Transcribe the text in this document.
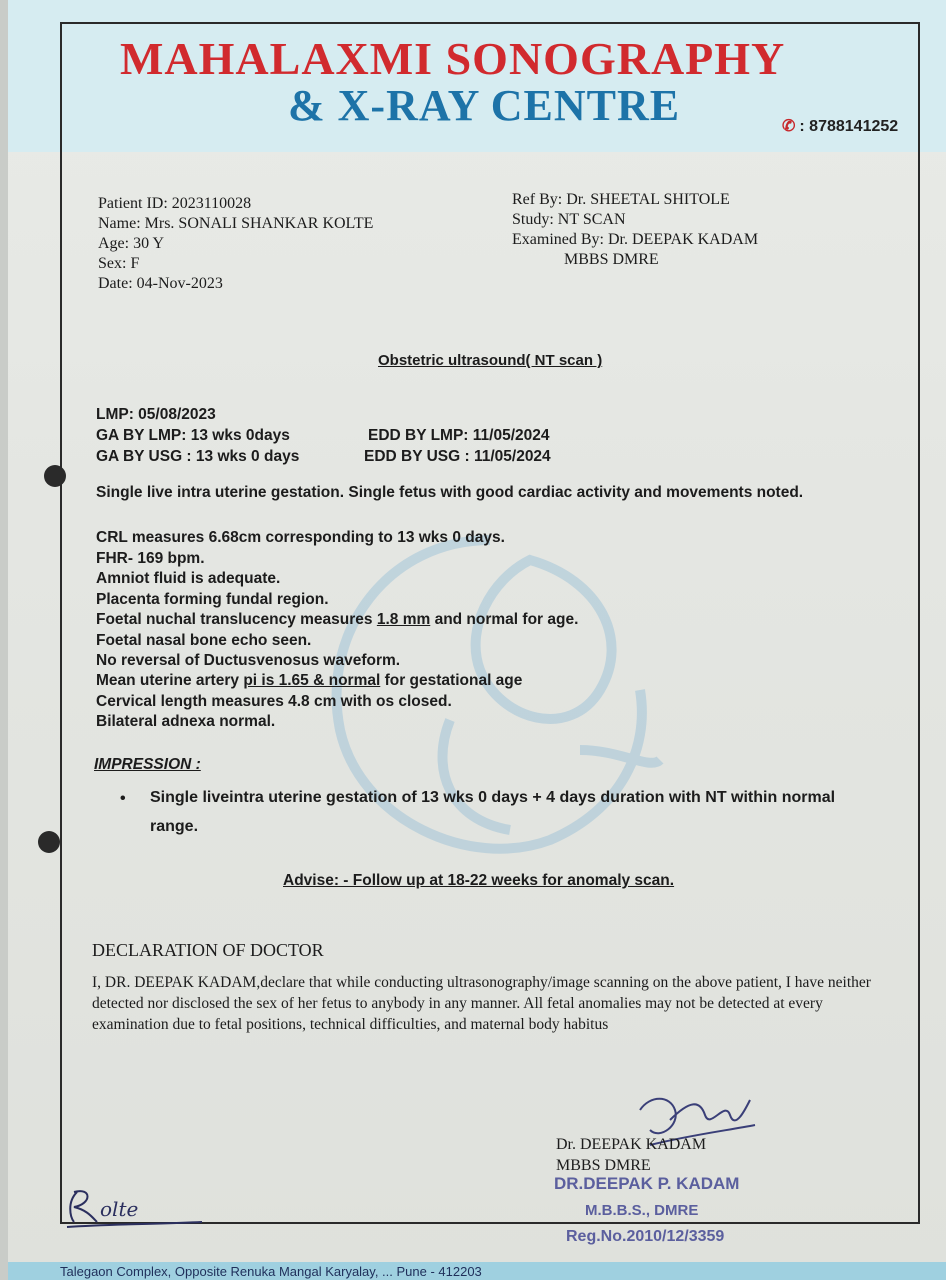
MAHALAXMI SONOGRAPHY
& X-RAY CENTRE	✆ : 8788141252
Patient ID: 2023110028
Name: Mrs. SONALI SHANKAR KOLTE
Age: 30 Y
Sex: F
Date: 04-Nov-2023
Ref By: Dr. SHEETAL SHITOLE
Study: NT SCAN
Examined By: Dr. DEEPAK KADAM
MBBS DMRE
Obstetric ultrasound( NT scan )
LMP: 05/08/2023
GA BY LMP: 13 wks 0days	EDD BY LMP: 11/05/2024
GA BY USG : 13 wks 0 days	EDD BY USG : 11/05/2024
Single live intra uterine gestation. Single fetus with good cardiac activity and movements noted.
CRL measures 6.68cm corresponding to 13 wks 0 days.
FHR- 169 bpm.
Amniot fluid is adequate.
Placenta forming fundal region.
Foetal nuchal translucency measures 1.8 mm and normal for age.
Foetal nasal bone echo seen.
No reversal of Ductusvenosus waveform.
Mean uterine artery pi is 1.65 & normal for gestational age
Cervical length measures 4.8 cm with os closed.
Bilateral adnexa normal.
IMPRESSION :
• Single liveintra uterine gestation of 13 wks 0 days + 4 days duration with NT within normal
range.
Advise: - Follow up at 18-22 weeks for anomaly scan.
DECLARATION OF DOCTOR
I, DR. DEEPAK KADAM,declare that while conducting ultrasonography/image scanning on the above patient, I have neither detected nor disclosed the sex of her fetus to anybody in any manner. All fetal anomalies may not be detected at every examination due to fetal positions, technical difficulties, and maternal body habitus
Dr. DEEPAK KADAM
MBBS DMRE
DR.DEEPAK P. KADAM
M.B.B.S., DMRE
Reg.No.2010/12/3359
olte
Talegaon Complex, Opposite Renuka Mangal Karyalay, ... Pune - 412203
